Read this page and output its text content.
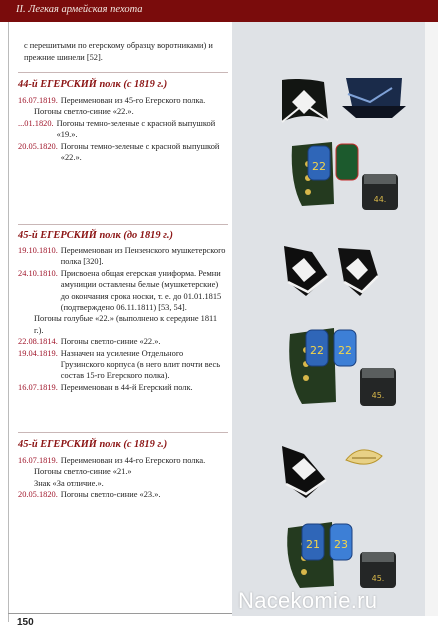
II. Легкая армейская пехота
с перешитыми по егерскому образцу воротниками) и прежние шинели [52].
44-й ЕГЕРСКИЙ полк (с 1819 г.)
16.07.1819. Переименован из 45-го Егерского полка.
Погоны светло-синие «22.».
...01.1820. Погоны темно-зеленые с красной выпушкой «19.».
20.05.1820. Погоны темно-зеленые с красной выпушкой «22.».
45-й ЕГЕРСКИЙ полк (до 1819 г.)
19.10.1810. Переименован из Пензенского мушкетерского полка [320].
24.10.1810. Присвоена общая егерская униформа. Ремни амуниции оставлены белые (мушкетерские) до окончания срока носки, т. е. до 01.01.1815 (подтверждено 06.11.1811) [53, 54].
Погоны голубые «22.» (выполнено к середине 1811 г.).
22.08.1814. Погоны светло-синие «22.».
19.04.1819. Назначен на усиление Отдельного Грузинского корпуса (в него влит почти весь состав 15-го Егерского полка).
16.07.1819. Переименован в 44-й Егерский полк.
45-й ЕГЕРСКИЙ полк (с 1819 г.)
16.07.1819. Переименован из 44-го Егерского полка.
Погоны светло-синие «21.»
Знак «За отличие.».
20.05.1820. Погоны светло-синие «23.».
22
44.
22 22
45.
21 23
45.
150
Nacekomie.ru
